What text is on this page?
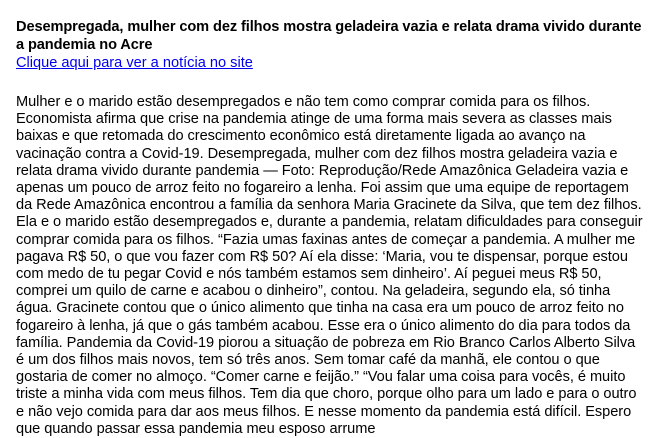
Desempregada, mulher com dez filhos mostra geladeira vazia e relata drama vivido durante a pandemia no Acre
Clique aqui para ver a notícia no site

Mulher e o marido estão desempregados e não tem como comprar comida para os filhos. Economista afirma que crise na pandemia atinge de uma forma mais severa as classes mais baixas e que retomada do crescimento econômico está diretamente ligada ao avanço na vacinação contra a Covid-19. Desempregada, mulher com dez filhos mostra geladeira vazia e relata drama vivido durante pandemia — Foto: Reprodução/Rede Amazônica Geladeira vazia e apenas um pouco de arroz feito no fogareiro a lenha. Foi assim que uma equipe de reportagem da Rede Amazônica encontrou a família da senhora Maria Gracinete da Silva, que tem dez filhos. Ela e o marido estão desempregados e, durante a pandemia, relatam dificuldades para conseguir comprar comida para os filhos. “Fazia umas faxinas antes de começar a pandemia. A mulher me pagava R$ 50, o que vou fazer com R$ 50? Aí ela disse: ‘Maria, vou te dispensar, porque estou com medo de tu pegar Covid e nós também estamos sem dinheiro’. Aí peguei meus R$ 50, comprei um quilo de carne e acabou o dinheiro”, contou. Na geladeira, segundo ela, só tinha água. Gracinete contou que o único alimento que tinha na casa era um pouco de arroz feito no fogareiro à lenha, já que o gás também acabou. Esse era o único alimento do dia para todos da família. Pandemia da Covid-19 piorou a situação de pobreza em Rio Branco Carlos Alberto Silva é um dos filhos mais novos, tem só três anos. Sem tomar café da manhã, ele contou o que gostaria de comer no almoço. “Comer carne e feijão.” “Vou falar uma coisa para vocês, é muito triste a minha vida com meus filhos. Tem dia que choro, porque olho para um lado e para o outro e não vejo comida para dar aos meus filhos. E nesse momento da pandemia está difícil. Espero que quando passar essa pandemia meu esposo arrume
